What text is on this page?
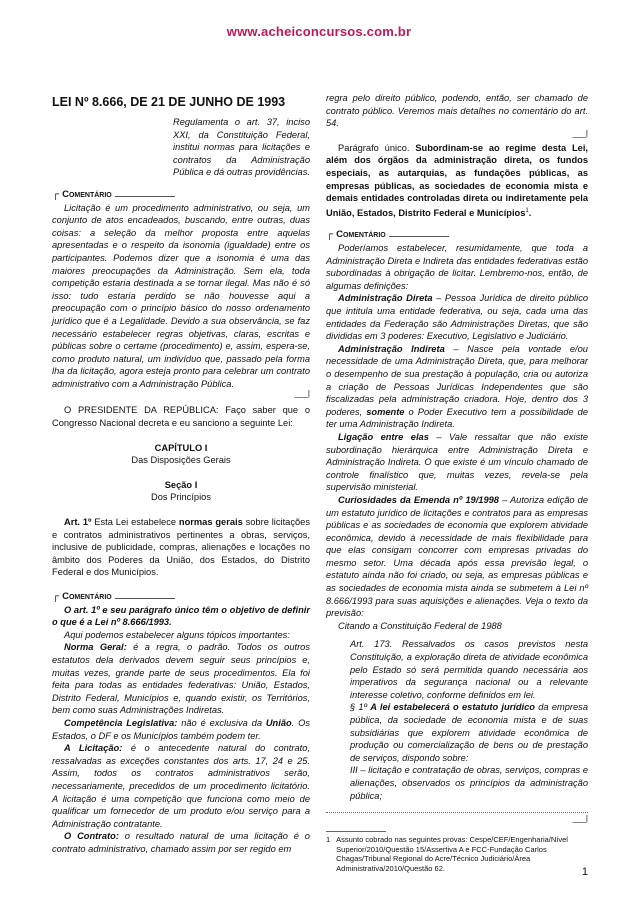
www.acheiconcursos.com.br

LEI Nº 8.666, DE 21 DE JUNHO DE 1993

Regulamenta o art. 37, inciso XXI, da Constituição Federal, institui normas para licitações e contratos da Administração Pública e dá outras providências.

┌ Comentário

Licitação é um procedimento administrativo, ou seja, um conjunto de atos encadeados, buscando, entre outras, duas coisas: a seleção da melhor proposta entre aquelas apresentadas e o respeito da isonomia (igualdade) entre os participantes. Podemos dizer que a isonomia é uma das maiores preocupações da Administração. Sem ela, toda competição estaria destinada a se tornar ilegal. Mas não é só isso: tudo estaria perdido se não houvesse aqui a preocupação com o princípio básico do nosso ordenamento jurídico que é a Legalidade. Devido a sua observância, se faz necessário estabelecer regras objetivas, claras, escritas e públicas sobre o certame (procedimento) e, assim, espera-se, como produto natural, um indivíduo que, passado pela forma lha da licitação, agora esteja pronto para celebrar um contrato administrativo com a Administração Pública.

___|

O PRESIDENTE DA REPÚBLICA: Faço saber que o Congresso Nacional decreta e eu sanciono a seguinte Lei:

CAPÍTULO I

Das Disposições Gerais

Seção I

Dos Princípios

Art. 1º Esta Lei estabelece normas gerais sobre licitações e contratos administrativos pertinentes a obras, serviços, inclusive de publicidade, compras, alienações e locações no âmbito dos Poderes da União, dos Estados, do Distrito Federal e dos Municípios.

┌ Comentário

O art. 1º e seu parágrafo único têm o objetivo de definir o que é a Lei nº 8.666/1993.

Aqui podemos estabelecer alguns tópicos importantes:

Norma Geral: é a regra, o padrão. Todos os outros estatutos dela derivados devem seguir seus princípios e, muitas vezes, grande parte de seus procedimentos. Ela foi feita para todas as entidades federativas: União, Estados, Distrito Federal, Municípios e, quando existir, os Territórios, bem como suas Administrações Indiretas.

Competência Legislativa: não é exclusiva da União. Os Estados, o DF e os Municípios também podem ter.

A Licitação: é o antecedente natural do contrato, ressalvadas as exceções constantes dos arts. 17, 24 e 25. Assim, todos os contratos administrativos serão, necessariamente, precedidos de um procedimento licitatório. A licitação é uma competição que funciona como meio de qualificar um fornecedor de um produto e/ou serviço para a Administração contratante.

O Contrato: o resultado natural de uma licitação é o contrato administrativo, chamado assim por ser regido em

regra pelo direito público, podendo, então, ser chamado de contrato público. Veremos mais detalhes no comentário do art. 54.

___|

Parágrafo único. Subordinam-se ao regime desta Lei, além dos órgãos da administração direta, os fundos especiais, as autarquias, as fundações públicas, as empresas públicas, as sociedades de economia mista e demais entidades controladas direta ou indiretamente pela União, Estados, Distrito Federal e Municípios$^1$.

┌ Comentário

Poderíamos estabelecer, resumidamente, que toda a Administração Direta e Indireta das entidades federativas estão subordinadas à obrigação de licitar. Lembremo-nos, então, de algumas definições:

Administração Direta – Pessoa Jurídica de direito público que intitula uma entidade federativa, ou seja, cada uma das entidades da Federação são Administrações Diretas, que são divididas em 3 poderes: Executivo, Legislativo e Judiciário.

Administração Indireta – Nasce pela vontade e/ou necessidade de uma Administração Direta, que, para melhorar o desempenho de sua prestação à população, cria ou autoriza a criação de Pessoas Jurídicas Independentes que são fiscalizadas pela administração criadora. Hoje, dentro dos 3 poderes, somente o Poder Executivo tem a possibilidade de ter uma Administração Indireta.

Ligação entre elas – Vale ressaltar que não existe subordinação hierárquica entre Administração Direta e Administração Indireta. O que existe é um vínculo chamado de controle finalístico que, muitas vezes, revela-se pela supervisão ministerial.

Curiosidades da Emenda nº 19/1998 – Autoriza edição de um estatuto jurídico de licitações e contratos para as empresas públicas e as sociedades de economia que explorem atividade econômica, devido à necessidade de mais flexibilidade para que elas consigam concorrer com empresas privadas do mesmo setor. Uma década após essa previsão legal, o estatuto ainda não foi criado, ou seja, as empresas públicas e as sociedades de economia mista ainda se submetem à Lei nº 8.666/1993 para suas aquisições e alienações. Veja o texto da previsão:

Citando a Constituição Federal de 1988

Art. 173. Ressalvados os casos previstos nesta Constituição, a exploração direta de atividade econômica pelo Estado só será permitida quando necessária aos imperativos da segurança nacional ou a relevante interesse coletivo, conforme definidos em lei.

§ 1º A lei estabelecerá o estatuto jurídico da empresa pública, da sociedade de economia mista e de suas subsidiárias que explorem atividade econômica de produção ou comercialização de bens ou de prestação de serviços, dispondo sobre:

III – licitação e contratação de obras, serviços, compras e alienações, observados os princípios da administração pública;

___|
1 Assunto cobrado nas seguintes provas: Cespe/CEF/Engenharia/Nível Superior/2010/Questão 15/Assertiva A e FCC-Fundação Carlos Chagas/Tribunal Regional do Acre/Técnico Judiciário/Área Administrativa/2010/Questão 62.	1
